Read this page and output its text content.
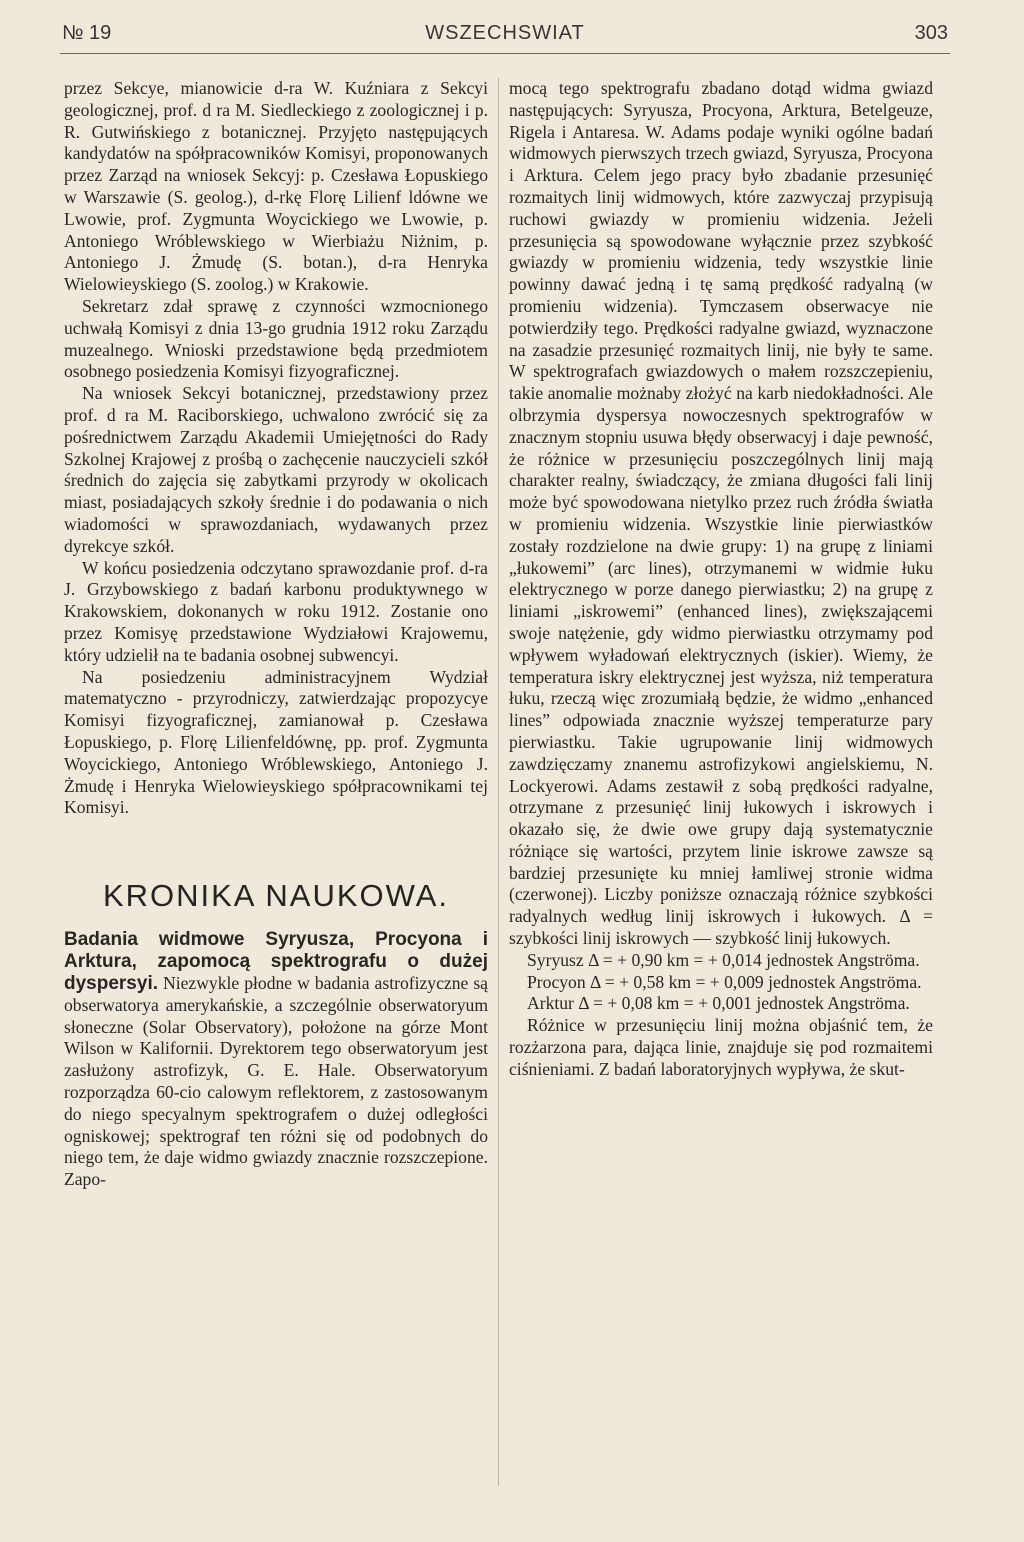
№ 19	WSZECHSWIAT	303

przez Sekcye, mianowicie d-ra W. Kuźniara z Sekcyi geologicznej, prof. d ra M. Siedleckiego z zoologicznej i p. R. Gutwińskiego z botanicznej. Przyjęto następujących kandydatów na spółpracowników Komisyi, proponowanych przez Zarząd na wniosek Sekcyj: p. Czesława Łopuskiego w Warszawie (S. geolog.), d-rkę Florę Lilienf ldówne we Lwowie, prof. Zygmunta Woycickiego we Lwowie, p. Antoniego Wróblewskiego w Wierbiażu Niżnim, p. Antoniego J. Żmudę (S. botan.), d-ra Henryka Wielowieyskiego (S. zoolog.) w Krakowie.

Sekretarz zdał sprawę z czynności wzmocnionego uchwałą Komisyi z dnia 13-go grudnia 1912 roku Zarządu muzealnego. Wnioski przedstawione będą przedmiotem osobnego posiedzenia Komisyi fizyograficznej.

Na wniosek Sekcyi botanicznej, przedstawiony przez prof. d ra M. Raciborskiego, uchwalono zwrócić się za pośrednictwem Zarządu Akademii Umiejętności do Rady Szkolnej Krajowej z prośbą o zachęcenie nauczycieli szkół średnich do zajęcia się zabytkami przyrody w okolicach miast, posiadających szkoły średnie i do podawania o nich wiadomości w sprawozdaniach, wydawanych przez dyrekcye szkół.

W końcu posiedzenia odczytano sprawozdanie prof. d-ra J. Grzybowskiego z badań karbonu produktywnego w Krakowskiem, dokonanych w roku 1912. Zostanie ono przez Komisyę przedstawione Wydziałowi Krajowemu, który udzielił na te badania osobnej subwencyi.

Na posiedzeniu administracyjnem Wydział matematyczno - przyrodniczy, zatwierdzając propozycye Komisyi fizyograficznej, zamianował p. Czesława Łopuskiego, p. Florę Lilienfeldównę, pp. prof. Zygmunta Woycickiego, Antoniego Wróblewskiego, Antoniego J. Żmudę i Henryka Wielowieyskiego spółpracownikami tej Komisyi.

KRONIKA NAUKOWA.

Badania widmowe Syryusza, Procyona i Arktura, zapomocą spektrografu o dużej dyspersyi. Niezwykle płodne w badania astrofizyczne są obserwatorya amerykańskie, a szczególnie obserwatoryum słoneczne (Solar Observatory), położone na górze Mont Wilson w Kalifornii. Dyrektorem tego obserwatoryum jest zasłużony astrofizyk, G. E. Hale. Obserwatoryum rozporządza 60-cio calowym reflektorem, z zastosowanym do niego specyalnym spektrografem o dużej odległości ogniskowej; spektrograf ten różni się od podobnych do niego tem, że daje widmo gwiazdy znacznie rozszczepione. Zapo-

mocą tego spektrografu zbadano dotąd widma gwiazd następujących: Syryusza, Procyona, Arktura, Betelgeuze, Rigela i Antaresa. W. Adams podaje wyniki ogólne badań widmowych pierwszych trzech gwiazd, Syryusza, Procyona i Arktura. Celem jego pracy było zbadanie przesunięć rozmaitych linij widmowych, które zazwyczaj przypisują ruchowi gwiazdy w promieniu widzenia. Jeżeli przesunięcia są spowodowane wyłącznie przez szybkość gwiazdy w promieniu widzenia, tedy wszystkie linie powinny dawać jedną i tę samą prędkość radyalną (w promieniu widzenia). Tymczasem obserwacye nie potwierdziły tego. Prędkości radyalne gwiazd, wyznaczone na zasadzie przesunięć rozmaitych linij, nie były te same. W spektrografach gwiazdowych o małem rozszczepieniu, takie anomalie możnaby złożyć na karb niedokładności. Ale olbrzymia dyspersya nowoczesnych spektrografów w znacznym stopniu usuwa błędy obserwacyj i daje pewność, że różnice w przesunięciu poszczególnych linij mają charakter realny, świadczący, że zmiana długości fali linij może być spowodowana nietylko przez ruch źródła światła w promieniu widzenia. Wszystkie linie pierwiastków zostały rozdzielone na dwie grupy: 1) na grupę z liniami „łukowemi” (arc lines), otrzymanemi w widmie łuku elektrycznego w porze danego pierwiastku; 2) na grupę z liniami „iskrowemi” (enhanced lines), zwiększającemi swoje natężenie, gdy widmo pierwiastku otrzymamy pod wpływem wyładowań elektrycznych (iskier). Wiemy, że temperatura iskry elektrycznej jest wyższa, niż temperatura łuku, rzeczą więc zrozumiałą będzie, że widmo „enhanced lines” odpowiada znacznie wyższej temperaturze pary pierwiastku. Takie ugrupowanie linij widmowych zawdzięczamy znanemu astrofizykowi angielskiemu, N. Lockyerowi. Adams zestawił z sobą prędkości radyalne, otrzymane z przesunięć linij łukowych i iskrowych i okazało się, że dwie owe grupy dają systematycznie różniące się wartości, przytem linie iskrowe zawsze są bardziej przesunięte ku mniej łamliwej stronie widma (czerwonej). Liczby poniższe oznaczają różnice szybkości radyalnych według linij iskrowych i łukowych. Δ = szybkości linij iskrowych — szybkość linij łukowych.

Syryusz Δ = + 0,90 km = + 0,014 jednostek Angströma.

Procyon Δ = + 0,58 km = + 0,009 jednostek Angströma.

Arktur Δ = + 0,08 km = + 0,001 jednostek Angströma.

Różnice w przesunięciu linij można objaśnić tem, że rozżarzona para, dająca linie, znajduje się pod rozmaitemi ciśnieniami. Z badań laboratoryjnych wypływa, że skut-
